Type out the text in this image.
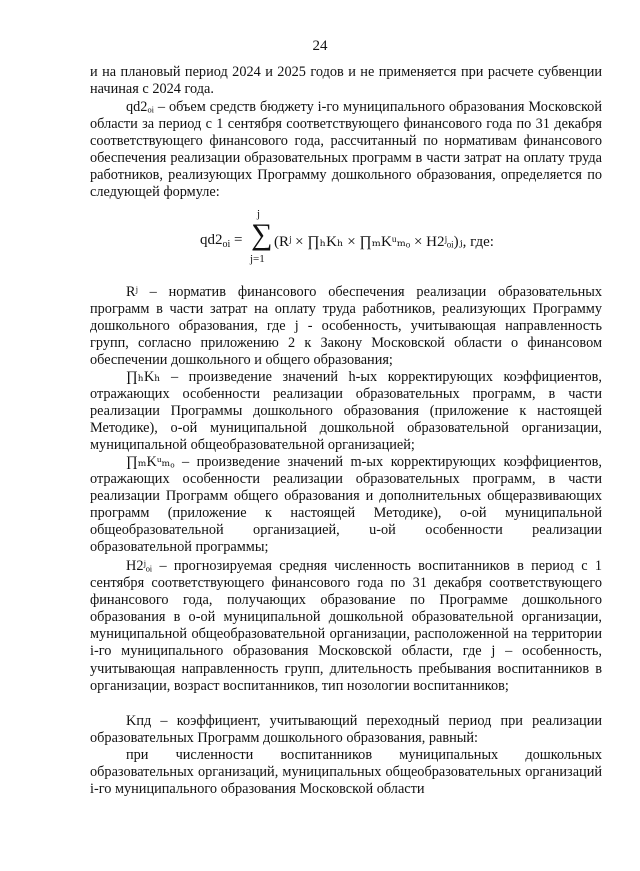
24

и на плановый период 2024 и 2025 годов и не применяется при расчете субвенции начиная с 2024 года.

qd2ₒᵢ – объем средств бюджету i-го муниципального образования Московской области за период с 1 сентября соответствующего финансового года по 31 декабря соответствующего финансового года, рассчитанный по нормативам финансового обеспечения реализации образовательных программ в части затрат на оплату труда работников, реализующих Программу дошкольного образования, определяется по следующей формуле:

$qd2_{oi}$ =
j
∑
j=1
(Rʲ × ∏ₕKₕ × ∏ₘKᵘₘₒ × H2ʲₒᵢ)ⱼ, где:

Rʲ – норматив финансового обеспечения реализации образовательных программ в части затрат на оплату труда работников, реализующих Программу дошкольного образования, где j - особенность, учитывающая направленность групп, согласно приложению 2 к Закону Московской области о финансовом обеспечении дошкольного и общего образования;

∏ₕKₕ – произведение значений h-ых корректирующих коэффициентов, отражающих особенности реализации образовательных программ, в части реализации Программы дошкольного образования (приложение к настоящей Методике), о-ой муниципальной дошкольной образовательной организации, муниципальной общеобразовательной организацией;

∏ₘKᵘₘₒ – произведение значений m-ых корректирующих коэффициентов, отражающих особенности реализации образовательных программ, в части реализации Программ общего образования и дополнительных общеразвивающих программ (приложение к настоящей Методике), о-ой муниципальной общеобразовательной организацией, u-ой особенности реализации образовательной программы;

H2ʲₒᵢ – прогнозируемая средняя численность воспитанников в период с 1 сентября соответствующего финансового года по 31 декабря соответствующего финансового года, получающих образование по Программе дошкольного образования в о-ой муниципальной дошкольной образовательной организации, муниципальной общеобразовательной организации, расположенной на территории i-го муниципального образования Московской области, где j – особенность, учитывающая направленность групп, длительность пребывания воспитанников в организации, возраст воспитанников, тип нозологии воспитанников;

Kпд – коэффициент, учитывающий переходный период при реализации образовательных Программ дошкольного образования, равный:

при численности воспитанников муниципальных дошкольных образовательных организаций, муниципальных общеобразовательных организаций i-го муниципального образования Московской области
